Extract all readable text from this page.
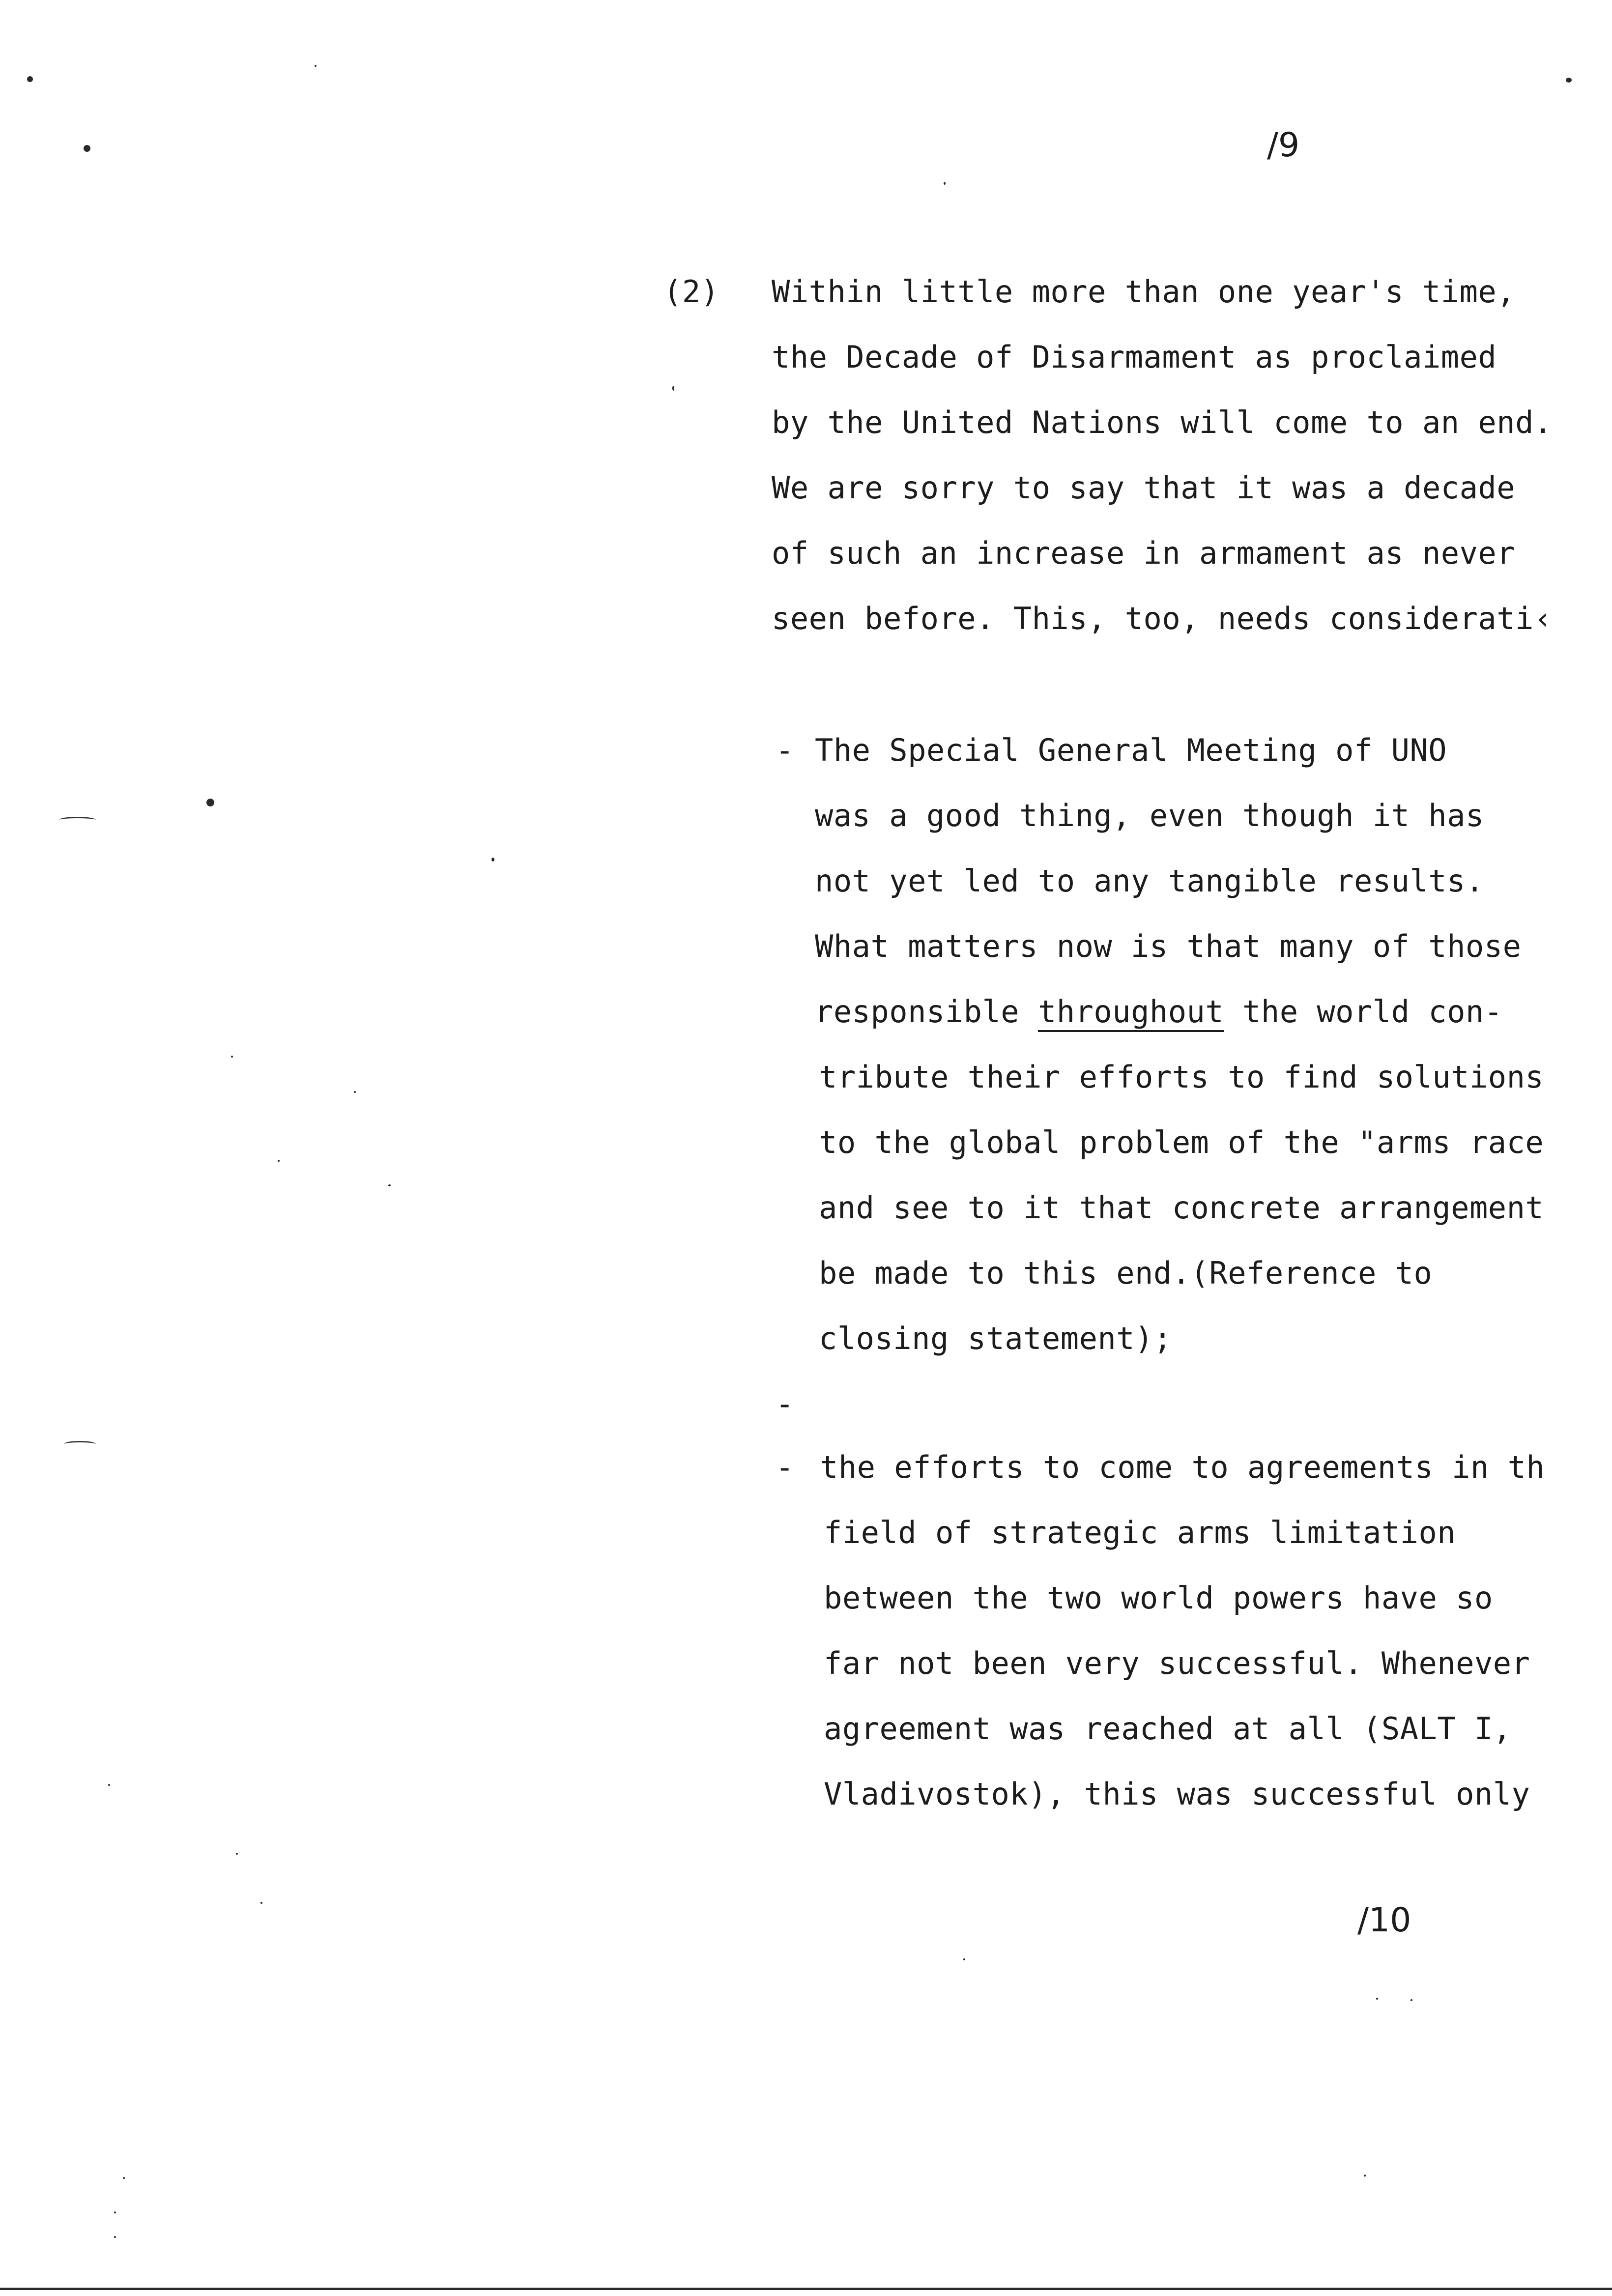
/9
(2) Within little more than one year's time,
the Decade of Disarmament as proclaimed
by the United Nations will come to an end.
We are sorry to say that it was a decade
of such an increase in armament as never
seen before. This, too, needs considerati‹
- The Special General Meeting of UNO
was a good thing, even though it has
not yet led to any tangible results.
What matters now is that many of those
responsible throughout the world con-
tribute their efforts to find solutions
to the global problem of the "arms race
and see to it that concrete arrangement
be made to this end.(Reference to
closing statement);
-
- the efforts to come to agreements in th
field of strategic arms limitation
between the two world powers have so
far not been very successful. Whenever
agreement was reached at all (SALT I,
Vladivostok), this was successful only
/10
